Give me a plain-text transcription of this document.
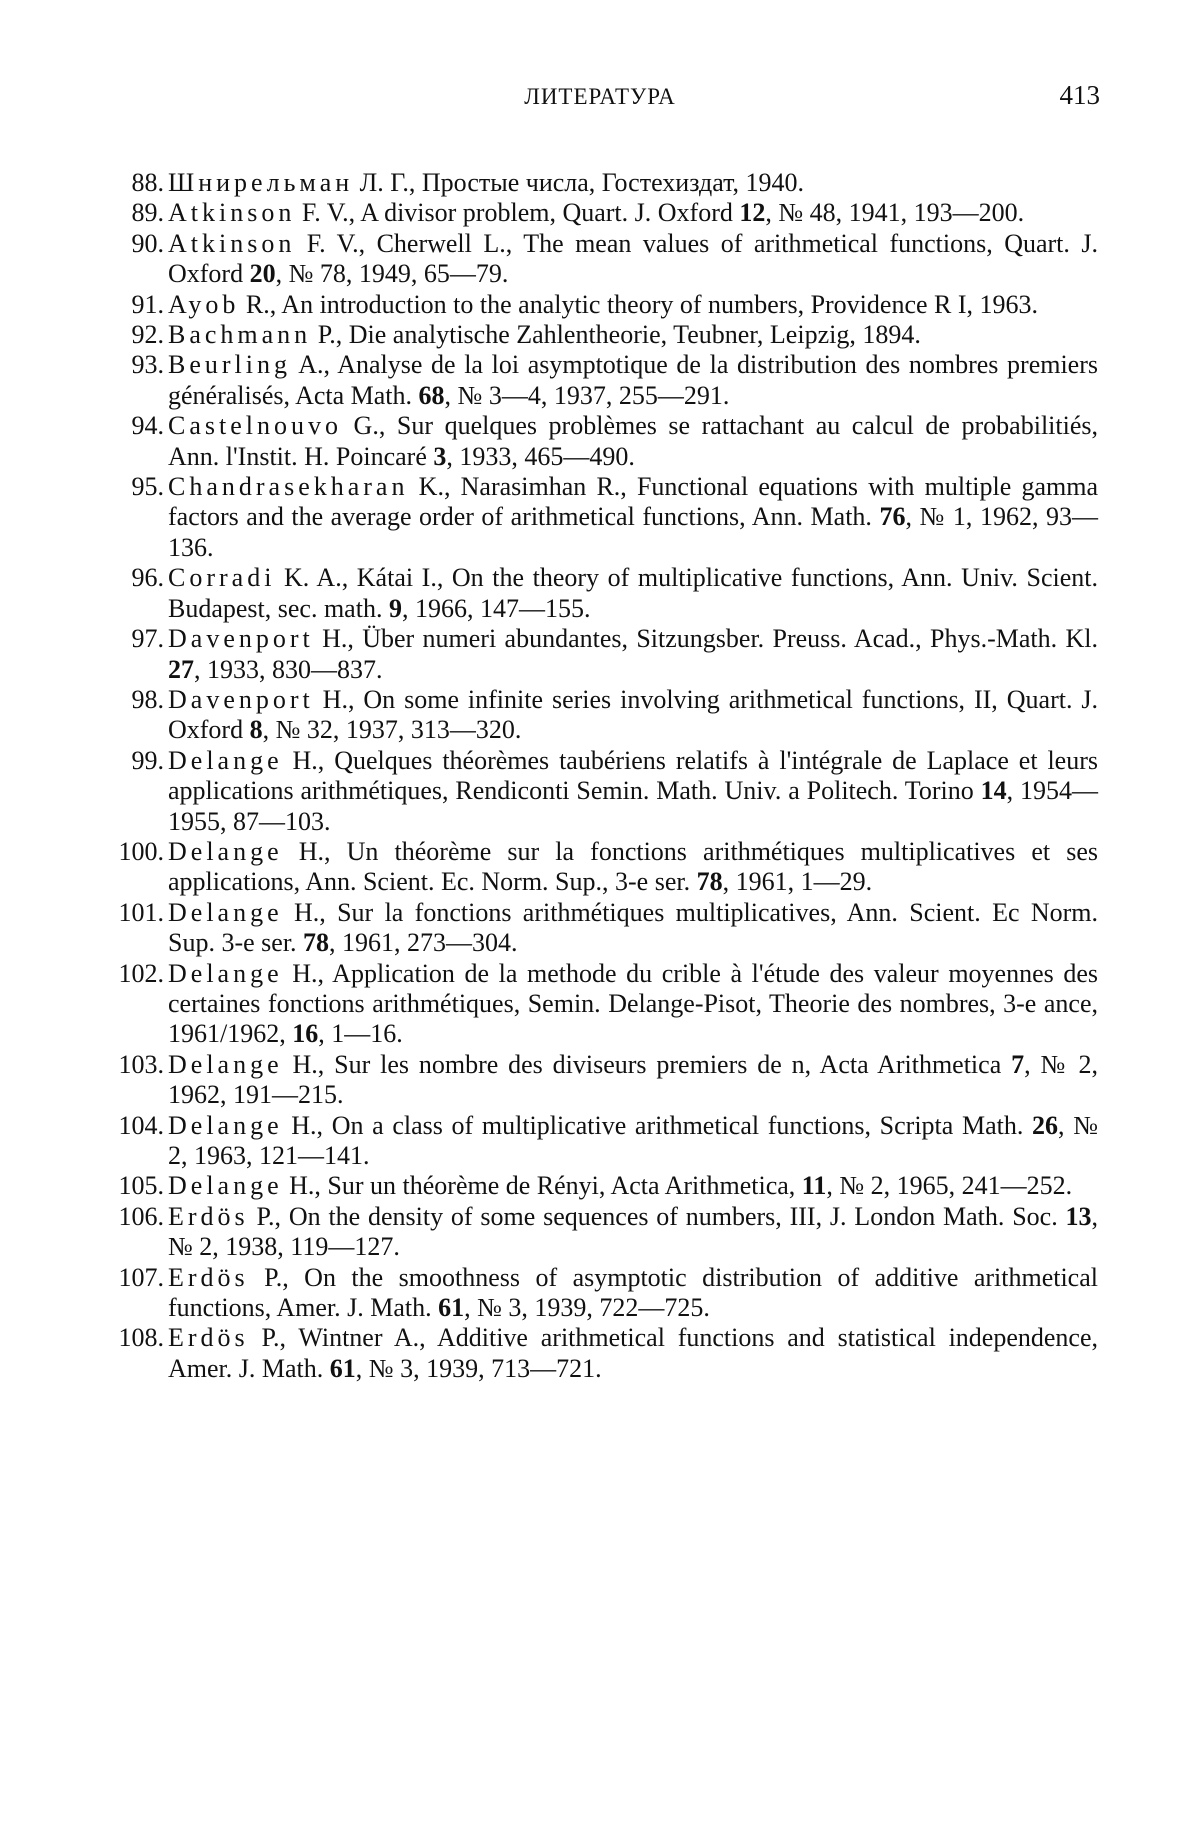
ЛИТЕРАТУРА	413
88. Шнирельман Л. Г., Простые числа, Гостехиздат, 1940.
89. Atkinson F. V., A divisor problem, Quart. J. Oxford 12, № 48, 1941, 193—200.
90. Atkinson F. V., Cherwell L., The mean values of arithmetical functions, Quart. J. Oxford 20, № 78, 1949, 65—79.
91. Ayob R., An introduction to the analytic theory of numbers, Providence R I, 1963.
92. Bachmann P., Die analytische Zahlentheorie, Teubner, Leipzig, 1894.
93. Beurling A., Analyse de la loi asymptotique de la distribution des nombres premiers généralisés, Acta Math. 68, № 3—4, 1937, 255—291.
94. Castelnouvo G., Sur quelques problèmes se rattachant au calcul de probabilitiés, Ann. l'Instit. H. Poincaré 3, 1933, 465—490.
95. Chandrasekharan K., Narasimhan R., Functional equations with multiple gamma factors and the average order of arithmetical functions, Ann. Math. 76, № 1, 1962, 93—136.
96. Corradi K. A., Kátai I., On the theory of multiplicative functions, Ann. Univ. Scient. Budapest, sec. math. 9, 1966, 147—155.
97. Davenport H., Über numeri abundantes, Sitzungsber. Preuss. Acad., Phys.-Math. Kl. 27, 1933, 830—837.
98. Davenport H., On some infinite series involving arithmetical functions, II, Quart. J. Oxford 8, № 32, 1937, 313—320.
99. Delange H., Quelques théorèmes taubériens relatifs à l'intégrale de Laplace et leurs applications arithmétiques, Rendiconti Semin. Math. Univ. a Politech. Torino 14, 1954—1955, 87—103.
100. Delange H., Un théorème sur la fonctions arithmétiques multiplicatives et ses applications, Ann. Scient. Ec. Norm. Sup., 3-e ser. 78, 1961, 1—29.
101. Delange H., Sur la fonctions arithmétiques multiplicatives, Ann. Scient. Ec Norm. Sup. 3-e ser. 78, 1961, 273—304.
102. Delange H., Application de la methode du crible à l'étude des valeur moyennes des certaines fonctions arithmétiques, Semin. Delange-Pisot, Theorie des nombres, 3-e ance, 1961/1962, 16, 1—16.
103. Delange H., Sur les nombre des diviseurs premiers de n, Acta Arithmetica 7, № 2, 1962, 191—215.
104. Delange H., On a class of multiplicative arithmetical functions, Scripta Math. 26, № 2, 1963, 121—141.
105. Delange H., Sur un théorème de Rényi, Acta Arithmetica, 11, № 2, 1965, 241—252.
106. Erdös P., On the density of some sequences of numbers, III, J. London Math. Soc. 13, № 2, 1938, 119—127.
107. Erdös P., On the smoothness of asymptotic distribution of additive arithmetical functions, Amer. J. Math. 61, № 3, 1939, 722—725.
108. Erdös P., Wintner A., Additive arithmetical functions and statistical independence, Amer. J. Math. 61, № 3, 1939, 713—721.
